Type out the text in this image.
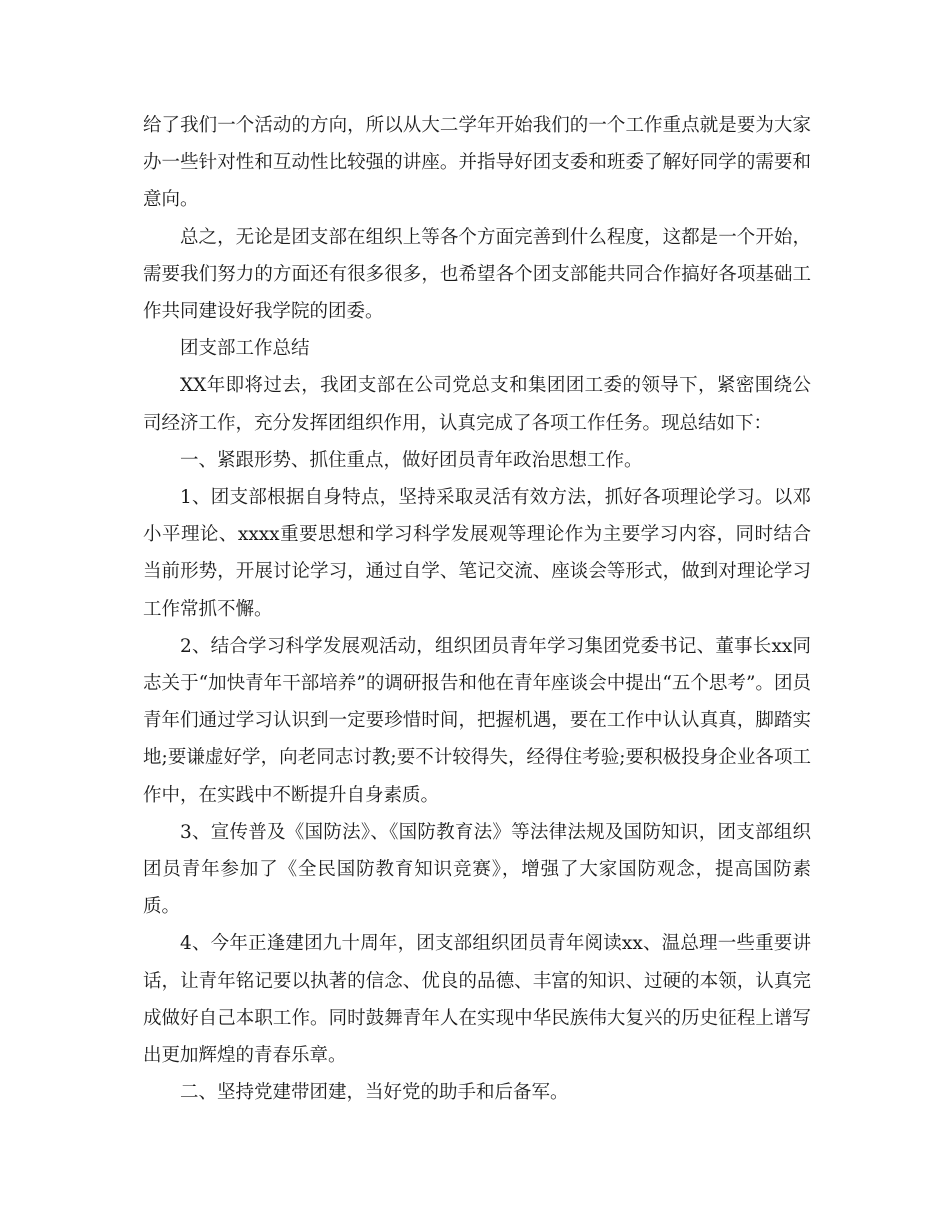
给了我们一个活动的方向，所以从大二学年开始我们的一个工作重点就是要为大家办一些针对性和互动性比较强的讲座。并指导好团支委和班委了解好同学的需要和意向。

总之，无论是团支部在组织上等各个方面完善到什么程度，这都是一个开始，需要我们努力的方面还有很多很多，也希望各个团支部能共同合作搞好各项基础工作共同建设好我学院的团委。

团支部工作总结

XX年即将过去，我团支部在公司党总支和集团团工委的领导下，紧密围绕公司经济工作，充分发挥团组织作用，认真完成了各项工作任务。现总结如下：

一、紧跟形势、抓住重点，做好团员青年政治思想工作。

1、团支部根据自身特点，坚持采取灵活有效方法，抓好各项理论学习。以邓小平理论、xxxx重要思想和学习科学发展观等理论作为主要学习内容，同时结合当前形势，开展讨论学习，通过自学、笔记交流、座谈会等形式，做到对理论学习工作常抓不懈。

2、结合学习科学发展观活动，组织团员青年学习集团党委书记、董事长xx同志关于“加快青年干部培养”的调研报告和他在青年座谈会中提出“五个思考”。团员青年们通过学习认识到一定要珍惜时间，把握机遇，要在工作中认认真真，脚踏实地;要谦虚好学，向老同志讨教;要不计较得失，经得住考验;要积极投身企业各项工作中，在实践中不断提升自身素质。

3、宣传普及《国防法》、《国防教育法》等法律法规及国防知识，团支部组织团员青年参加了《全民国防教育知识竞赛》，增强了大家国防观念，提高国防素质。

4、今年正逢建团九十周年，团支部组织团员青年阅读xx、温总理一些重要讲话，让青年铭记要以执著的信念、优良的品德、丰富的知识、过硬的本领，认真完成做好自己本职工作。同时鼓舞青年人在实现中华民族伟大复兴的历史征程上谱写出更加辉煌的青春乐章。

二、坚持党建带团建，当好党的助手和后备军。
